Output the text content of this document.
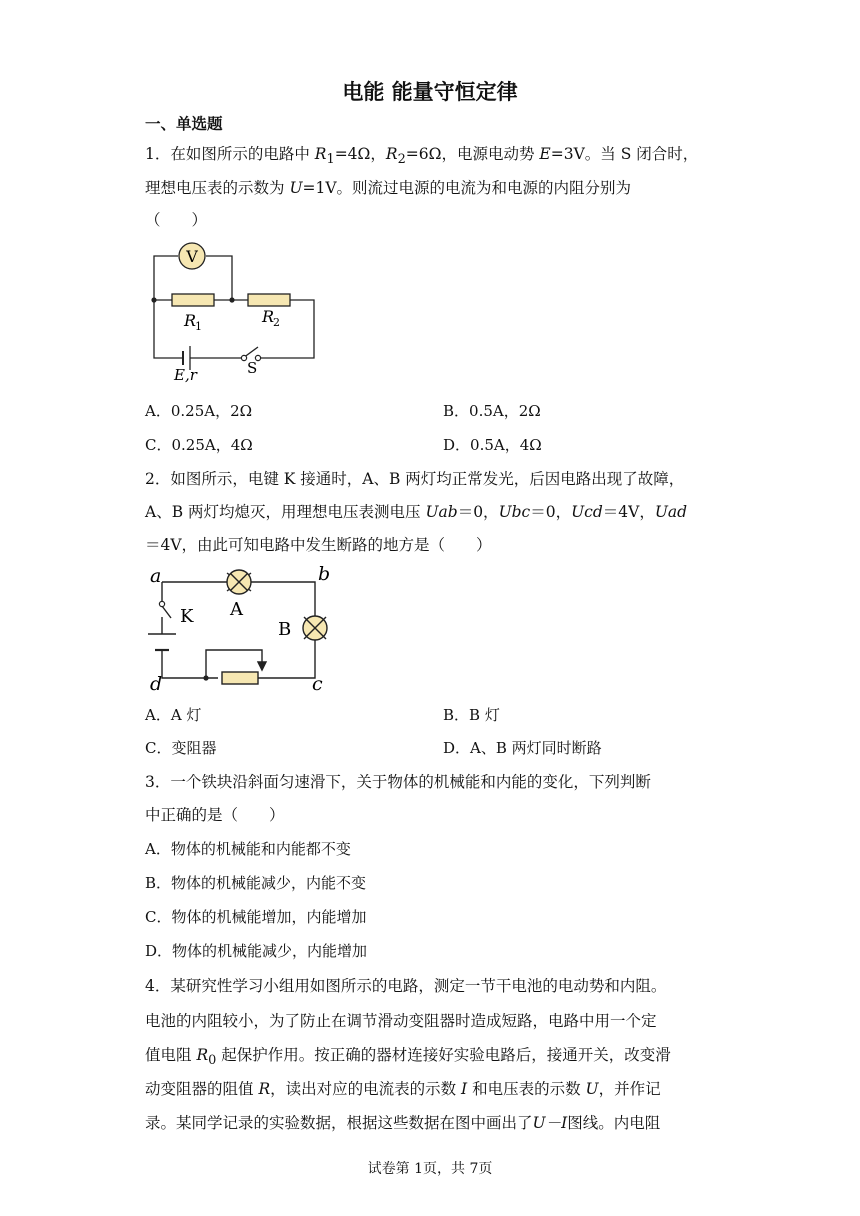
电能 能量守恒定律
一、单选题
1．在如图所示的电路中 $R_1=4\Omega$，$R_2=6\Omega$，电源电动势 E=3V。当 S 闭合时，
理想电压表的示数为 U=1V。则流过电源的电流为和电源的内阻分别为
（　　）
V
R
1
R
2
E,r	S
A．0.25A，2Ω	B．0.5A，2Ω
C．0.25A，4Ω	D．0.5A，4Ω
2．如图所示，电键 K 接通时，A、B 两灯均正常发光，后因电路出现了故障，
A、B 两灯均熄灭，用理想电压表测电压 Uab＝0，Ubc＝0，Ucd＝4V，Uad
＝4V，由此可知电路中发生断路的地方是（　　）
a	b
c
d
A
B
K
A．A 灯	B．B 灯
C．变阻器	D．A、B 两灯同时断路
3．一个铁块沿斜面匀速滑下，关于物体的机械能和内能的变化，下列判断
中正确的是（　　）
A．物体的机械能和内能都不变
B．物体的机械能减少，内能不变
C．物体的机械能增加，内能增加
D．物体的机械能减少，内能增加
4．某研究性学习小组用如图所示的电路，测定一节干电池的电动势和内阻。
电池的内阻较小，为了防止在调节滑动变阻器时造成短路，电路中用一个定
值电阻 $R_0$ 起保护作用。按正确的器材连接好实验电路后，接通开关，改变滑
动变阻器的阻值 R，读出对应的电流表的示数 I 和电压表的示数 U，并作记
录。某同学记录的实验数据，根据这些数据在图中画出了U－I图线。内电阻
试卷第 1页，共 7页
